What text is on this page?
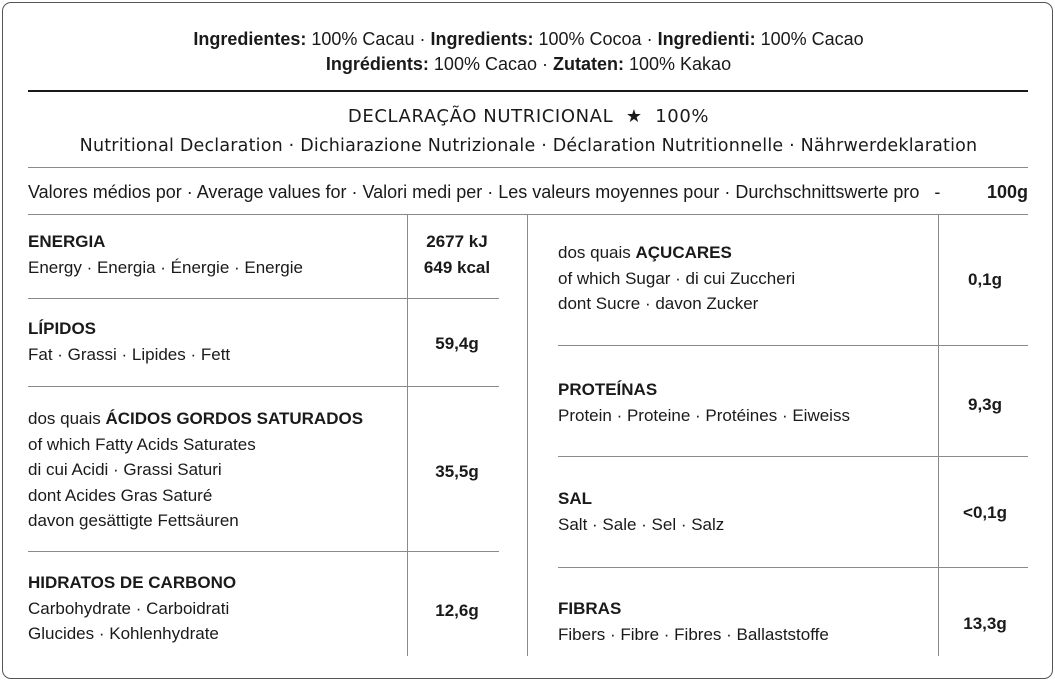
Ingredientes: 100% Cacau · Ingredients: 100% Cocoa · Ingredienti: 100% Cacao
Ingrédients: 100% Cacao · Zutaten: 100% Kakao
DECLARAÇÃO NUTRICIONAL  ★  100%
Nutritional Declaration · Dichiarazione Nutrizionale · Déclaration Nutritionnelle · Nährwerdeklaration
Valores médios por · Average values for · Valori medi per · Les valeurs moyennes pour · Durchschnittswerte pro   -	100g
ENERGIA
Energy · Energia · Énergie · Energie
2677 kJ
649 kcal
LÍPIDOS
Fat · Grassi · Lipides · Fett
59,4g
dos quais ÁCIDOS GORDOS SATURADOS
of which Fatty Acids Saturates
di cui Acidi · Grassi Saturi
dont Acides Gras Saturé
davon gesättigte Fettsäuren
35,5g
HIDRATOS DE CARBONO
Carbohydrate · Carboidrati
Glucides · Kohlenhydrate
12,6g
dos quais AÇUCARES
of which Sugar · di cui Zuccheri
dont Sucre · davon Zucker
0,1g
PROTEÍNAS
Protein · Proteine · Protéines · Eiweiss
9,3g
SAL
Salt · Sale · Sel · Salz
<0,1g
FIBRAS
Fibers · Fibre · Fibres · Ballaststoffe
13,3g
